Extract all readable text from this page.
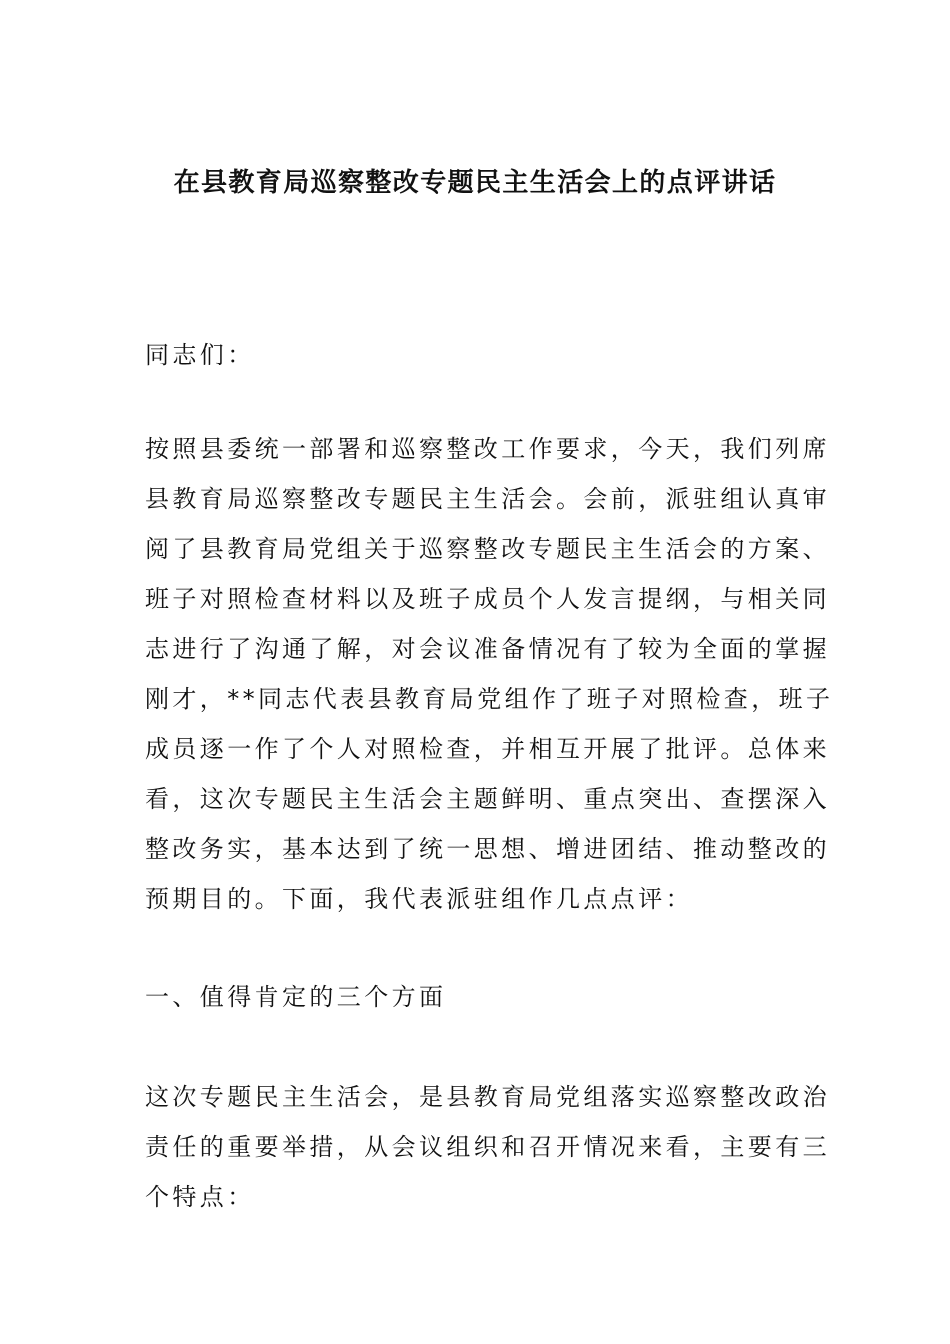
在县教育局巡察整改专题民主生活会上的点评讲话
同志们：
按照县委统一部署和巡察整改工作要求，今天，我们列席
县教育局巡察整改专题民主生活会。会前，派驻组认真审
阅了县教育局党组关于巡察整改专题民主生活会的方案、
班子对照检查材料以及班子成员个人发言提纲，与相关同
志进行了沟通了解，对会议准备情况有了较为全面的掌握
刚才，**同志代表县教育局党组作了班子对照检查，班子
成员逐一作了个人对照检查，并相互开展了批评。总体来
看，这次专题民主生活会主题鲜明、重点突出、查摆深入
整改务实，基本达到了统一思想、增进团结、推动整改的
预期目的。下面，我代表派驻组作几点点评：
一、值得肯定的三个方面
这次专题民主生活会，是县教育局党组落实巡察整改政治
责任的重要举措，从会议组织和召开情况来看，主要有三
个特点：
